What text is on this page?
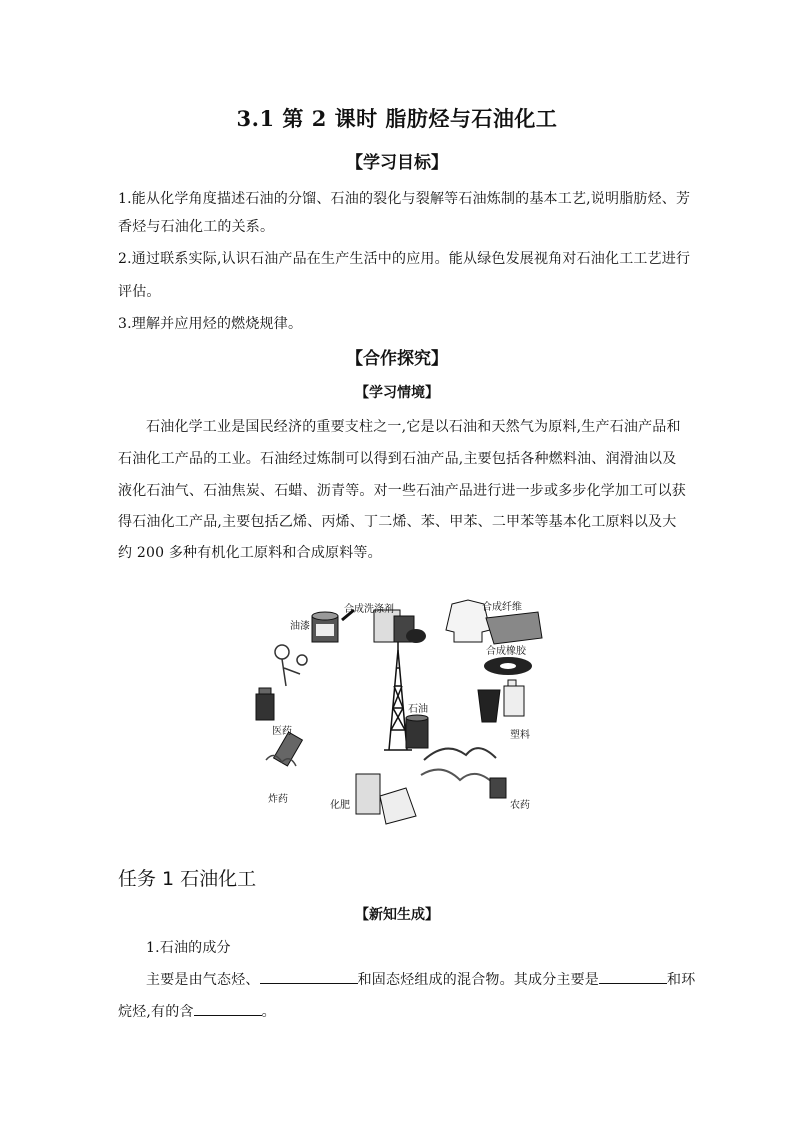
3.1 第 2 课时 脂肪烃与石油化工
【学习目标】
1.能从化学角度描述石油的分馏、石油的裂化与裂解等石油炼制的基本工艺,说明脂肪烃、芳
香烃与石油化工的关系。
2.通过联系实际,认识石油产品在生产生活中的应用。能从绿色发展视角对石油化工工艺进行
评估。
3.理解并应用烃的燃烧规律。
【合作探究】
【学习情境】
石油化学工业是国民经济的重要支柱之一,它是以石油和天然气为原料,生产石油产品和
石油化工产品的工业。石油经过炼制可以得到石油产品,主要包括各种燃料油、润滑油以及
液化石油气、石油焦炭、石蜡、沥青等。对一些石油产品进行进一步或多步化学加工可以获
得石油化工产品,主要包括乙烯、丙烯、丁二烯、苯、甲苯、二甲苯等基本化工原料以及大
约 200 多种有机化工原料和合成原料等。
油漆
合成洗涤剂	合成纤维
合成橡胶
石油
塑料
医药
炸药
化肥	农药
任务 1 石油化工
【新知生成】
1.石油的成分
主要是由气态烃、	和固态烃组成的混合物。其成分主要是	和环
烷烃,有的含	。
